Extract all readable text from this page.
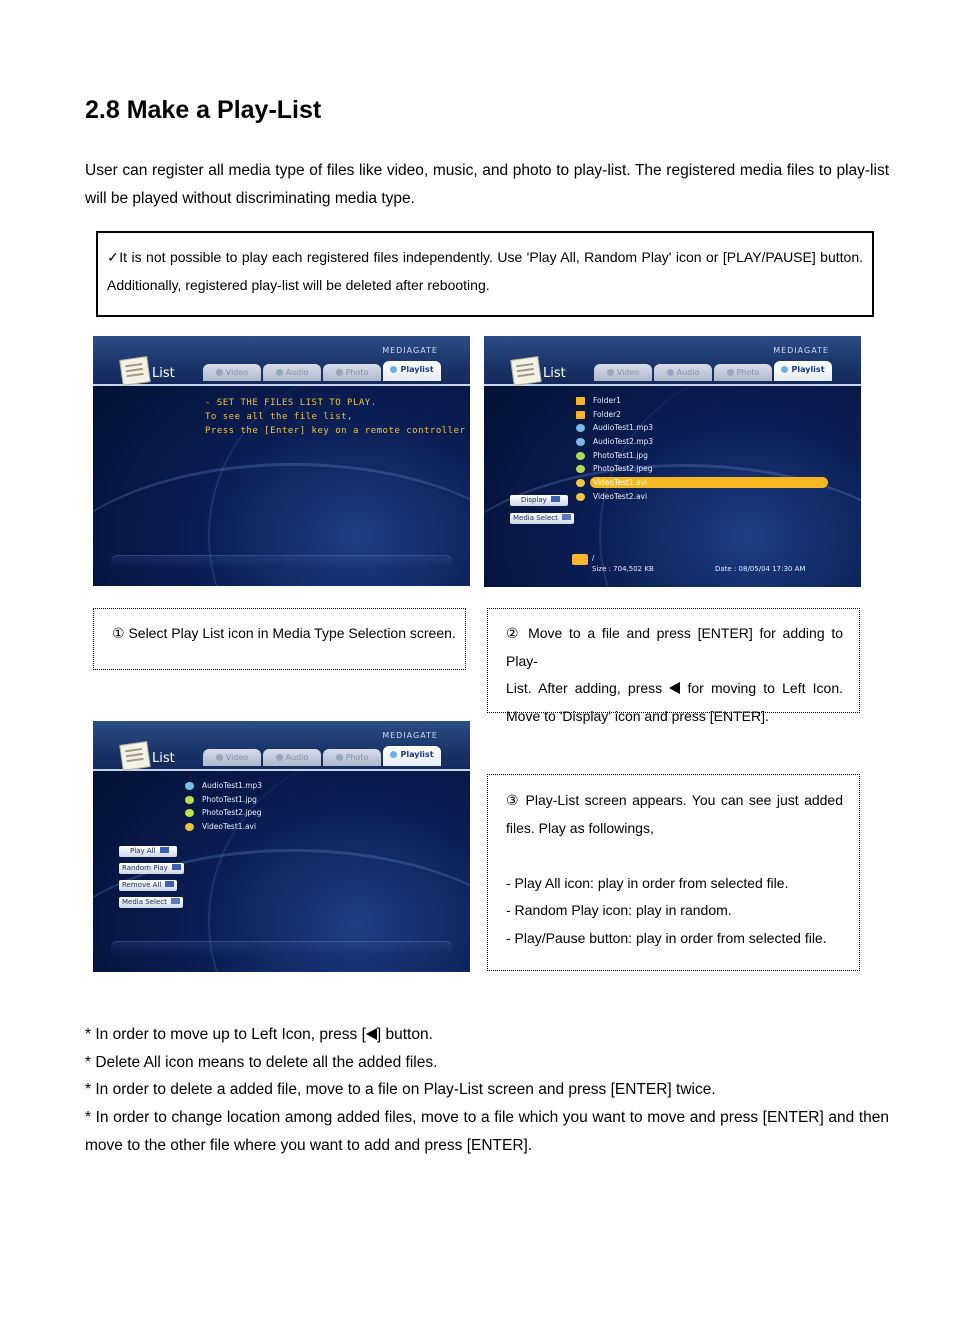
2.8 Make a Play-List
User can register all media type of files like video, music, and photo to play-list. The registered media files to play-list will be played without discriminating media type.
✓It is not possible to play each registered files independently. Use 'Play All, Random Play' icon or [PLAY/PAUSE] button.
Additionally, registered play-list will be deleted after rebooting.
MEDIAGATE
List	Video	Audio	Photo	Playlist
- SET THE FILES LIST TO PLAY.
To see all the file list,
Press the [Enter] key on a remote controller
MEDIAGATE
List	Video	Audio	Photo	Playlist
Folder1
Folder2
AudioTest1.mp3
AudioTest2.mp3
PhotoTest1.jpg
PhotoTest2.jpeg
VideoTest1.avi
VideoTest2.avi
Display
Media Select
/
Size : 704,502 KB	Date : 08/05/04 17:30 AM
① Select Play List icon in Media Type Selection screen.	② Move to a file and press [ENTER] for adding to Play-
List. After adding, press for moving to Left Icon.
Move to 'Display' icon and press [ENTER].
MEDIAGATE
List	Video	Audio	Photo	Playlist
AudioTest1.mp3
PhotoTest1.jpg
PhotoTest2.jpeg
VideoTest1.avi
Play All
Random Play
Remove All
Media Select
③ Play-List screen appears. You can see just added
files. Play as followings,
- Play All icon: play in order from selected file.
- Random Play icon: play in random.
- Play/Pause button: play in order from selected file.
* In order to move up to Left Icon, press [ ] button.
* Delete All icon means to delete all the added files.
* In order to delete a added file, move to a file on Play-List screen and press [ENTER] twice.
* In order to change location among added files, move to a file which you want to move and press [ENTER] and then
move to the other file where you want to add and press [ENTER].
